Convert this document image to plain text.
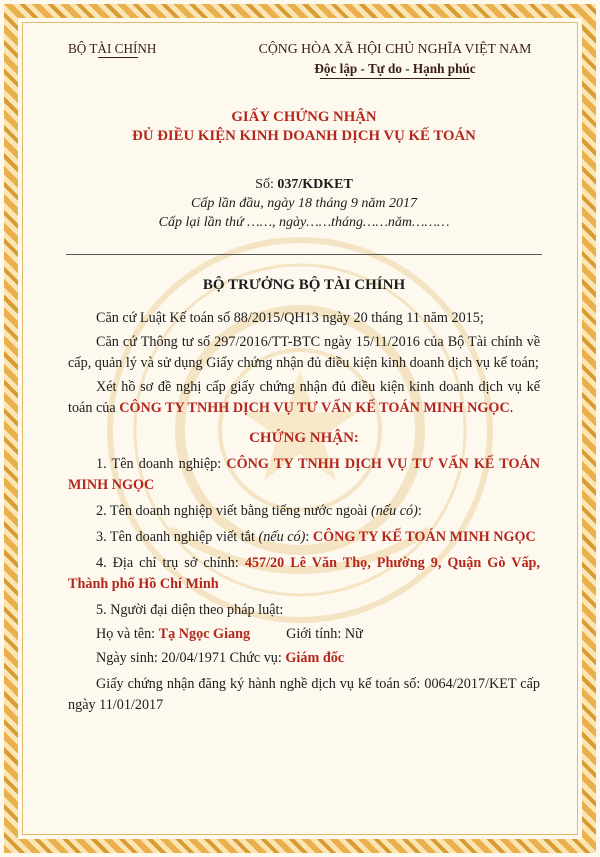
BỘ TÀI CHÍNH	CỘNG HÒA XÃ HỘI CHỦ NGHĨA VIỆT NAM
Độc lập - Tự do - Hạnh phúc
GIẤY CHỨNG NHẬN
ĐỦ ĐIỀU KIỆN KINH DOANH DỊCH VỤ KẾ TOÁN
Số: 037/KDKET
Cấp lần đầu, ngày 18 tháng 9 năm 2017
Cấp lại lần thứ ……, ngày……tháng……năm………
BỘ TRƯỞNG BỘ TÀI CHÍNH
Căn cứ Luật Kế toán số 88/2015/QH13 ngày 20 tháng 11 năm 2015;
Căn cứ Thông tư số 297/2016/TT-BTC ngày 15/11/2016 của Bộ Tài chính về cấp, quản lý và sử dụng Giấy chứng nhận đủ điều kiện kinh doanh dịch vụ kế toán;
Xét hồ sơ đề nghị cấp giấy chứng nhận đủ điều kiện kinh doanh dịch vụ kế toán của CÔNG TY TNHH DỊCH VỤ TƯ VẤN KẾ TOÁN MINH NGỌC.
CHỨNG NHẬN:
1. Tên doanh nghiệp: CÔNG TY TNHH DỊCH VỤ TƯ VẤN KẾ TOÁN MINH NGỌC
2. Tên doanh nghiệp viết bằng tiếng nước ngoài (nếu có):
3. Tên doanh nghiệp viết tắt (nếu có): CÔNG TY KẾ TOÁN MINH NGỌC
4. Địa chỉ trụ sở chính: 457/20 Lê Văn Thọ, Phường 9, Quận Gò Vấp, Thành phố Hồ Chí Minh
5. Người đại diện theo pháp luật:
Họ và tên: Tạ Ngọc Giang	Giới tính: Nữ
Ngày sinh: 20/04/1971 Chức vụ: Giám đốc
Giấy chứng nhận đăng ký hành nghề dịch vụ kế toán số: 0064/2017/KET cấp ngày 11/01/2017
